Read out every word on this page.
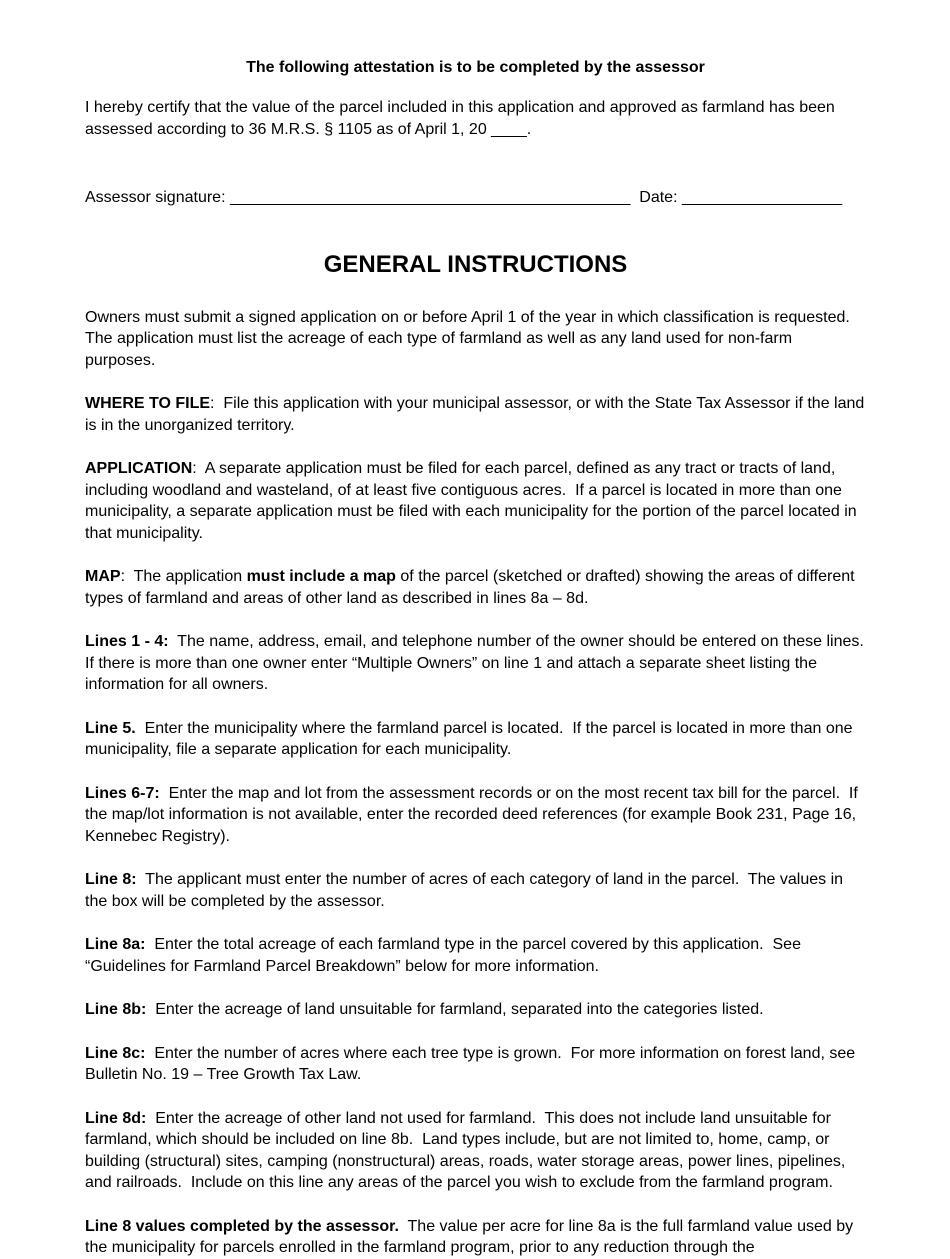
The following attestation is to be completed by the assessor

I hereby certify that the value of the parcel included in this application and approved as farmland has been assessed according to 36 M.R.S. § 1105 as of April 1, 20 ____.

Assessor signature: _____________________________________________ Date: __________________

GENERAL INSTRUCTIONS

Owners must submit a signed application on or before April 1 of the year in which classification is requested.  The application must list the acreage of each type of farmland as well as any land used for non-farm purposes.

WHERE TO FILE:  File this application with your municipal assessor, or with the State Tax Assessor if the land is in the unorganized territory.

APPLICATION:  A separate application must be filed for each parcel, defined as any tract or tracts of land, including woodland and wasteland, of at least five contiguous acres.  If a parcel is located in more than one municipality, a separate application must be filed with each municipality for the portion of the parcel located in that municipality.

MAP:  The application must include a map of the parcel (sketched or drafted) showing the areas of different types of farmland and areas of other land as described in lines 8a – 8d.

Lines 1 - 4:  The name, address, email, and telephone number of the owner should be entered on these lines.  If there is more than one owner enter “Multiple Owners” on line 1 and attach a separate sheet listing the information for all owners.

Line 5.  Enter the municipality where the farmland parcel is located.  If the parcel is located in more than one municipality, file a separate application for each municipality.

Lines 6-7:  Enter the map and lot from the assessment records or on the most recent tax bill for the parcel.  If the map/lot information is not available, enter the recorded deed references (for example Book 231, Page 16, Kennebec Registry).

Line 8:  The applicant must enter the number of acres of each category of land in the parcel.  The values in the box will be completed by the assessor.

Line 8a:  Enter the total acreage of each farmland type in the parcel covered by this application.  See “Guidelines for Farmland Parcel Breakdown” below for more information.

Line 8b:  Enter the acreage of land unsuitable for farmland, separated into the categories listed.

Line 8c:  Enter the number of acres where each tree type is grown.  For more information on forest land, see Bulletin No. 19 – Tree Growth Tax Law.

Line 8d:  Enter the acreage of other land not used for farmland.  This does not include land unsuitable for farmland, which should be included on line 8b.  Land types include, but are not limited to, home, camp, or building (structural) sites, camping (nonstructural) areas, roads, water storage areas, power lines, pipelines, and railroads.  Include on this line any areas of the parcel you wish to exclude from the farmland program.

Line 8 values completed by the assessor.  The value per acre for line 8a is the full farmland value used by the municipality for parcels enrolled in the farmland program, prior to any reduction through the
